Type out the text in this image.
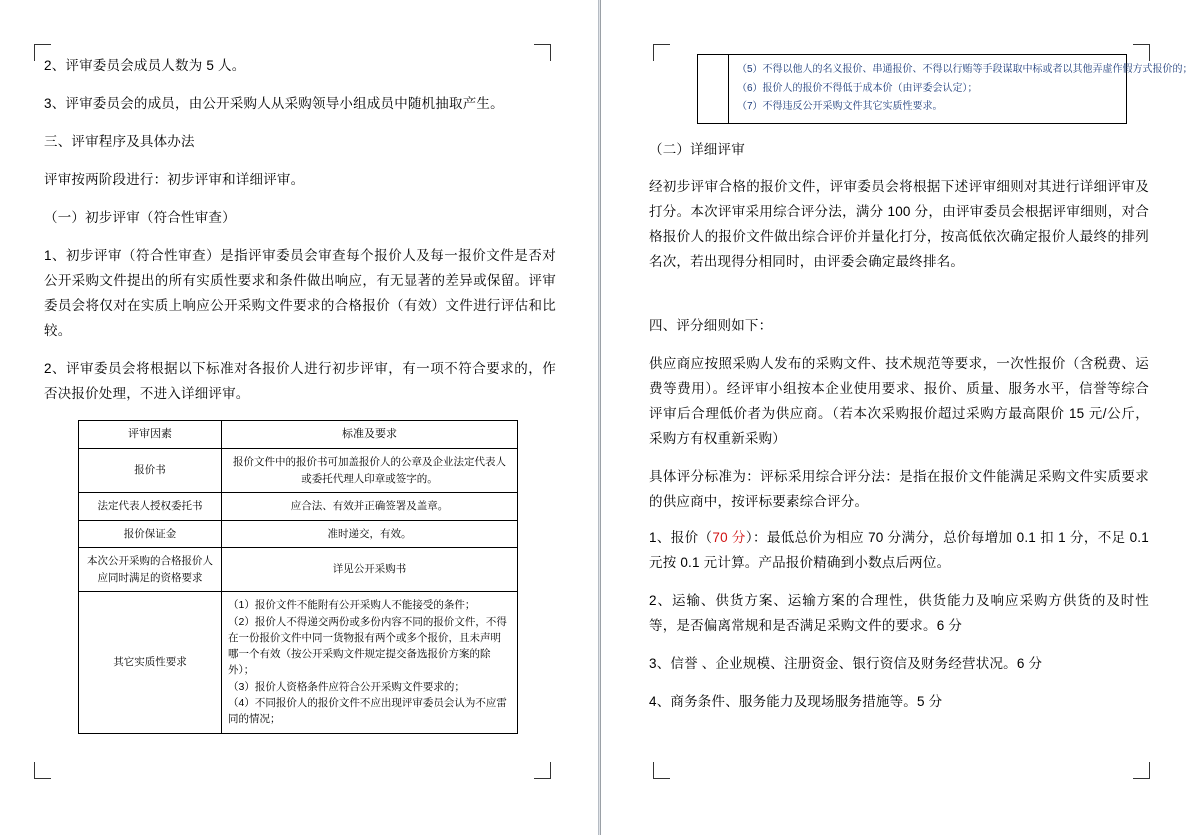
2、评审委员会成员人数为 5 人。

3、评审委员会的成员，由公开采购人从采购领导小组成员中随机抽取产生。

三、评审程序及具体办法

评审按两阶段进行：初步评审和详细评审。

（一）初步评审（符合性审查）

1、初步评审（符合性审查）是指评审委员会审查每个报价人及每一报价文件是否对公开采购文件提出的所有实质性要求和条件做出响应，有无显著的差异或保留。评审委员会将仅对在实质上响应公开采购文件要求的合格报价（有效）文件进行评估和比较。

2、评审委员会将根据以下标准对各报价人进行初步评审，有一项不符合要求的，作否决报价处理，不进入详细评审。

评审因素	标准及要求
报价书	报价文件中的报价书可加盖报价人的公章及企业法定代表人或委托代理人印章或签字的。
法定代表人授权委托书	应合法、有效并正确签署及盖章。
报价保证金	准时递交，有效。
本次公开采购的合格报价人应同时满足的资格要求	详见公开采购书
其它实质性要求	（1）报价文件不能附有公开采购人不能接受的条件；
（2）报价人不得递交两份或多份内容不同的报价文件，不得在一份报价文件中同一货物报有两个或多个报价，且未声明哪一个有效（按公开采购文件规定提交备选报价方案的除外）；
（3）报价人资格条件应符合公开采购文件要求的；
（4）不同报价人的报价文件不应出现评审委员会认为不应雷同的情况；

（5）不得以他人的名义报价、串通报价、不得以行贿等手段谋取中标或者以其他弄虚作假方式报价的；
（6）报价人的报价不得低于成本价（由评委会认定）；
（7）不得违反公开采购文件其它实质性要求。

（二）详细评审

经初步评审合格的报价文件，评审委员会将根据下述评审细则对其进行详细评审及打分。本次评审采用综合评分法，满分 100 分，由评审委员会根据评审细则，对合格报价人的报价文件做出综合评价并量化打分，按高低依次确定报价人最终的排列名次，若出现得分相同时，由评委会确定最终排名。

四、评分细则如下：

供应商应按照采购人发布的采购文件、技术规范等要求，一次性报价（含税费、运费等费用）。经评审小组按本企业使用要求、报价、质量、服务水平，信誉等综合评审后合理低价者为供应商。（若本次采购报价超过采购方最高限价 15 元/公斤，采购方有权重新采购）

具体评分标准为：评标采用综合评分法：是指在报价文件能满足采购文件实质要求的供应商中，按评标要素综合评分。

1、报价（70 分）：最低总价为相应 70 分满分，总价每增加 0.1 扣 1 分，不足 0.1 元按 0.1 元计算。产品报价精确到小数点后两位。

2、运输、供货方案、运输方案的合理性，供货能力及响应采购方供货的及时性等，是否偏离常规和是否满足采购文件的要求。6 分

3、信誉 、企业规模、注册资金、银行资信及财务经营状况。6 分

4、商务条件、服务能力及现场服务措施等。5 分
